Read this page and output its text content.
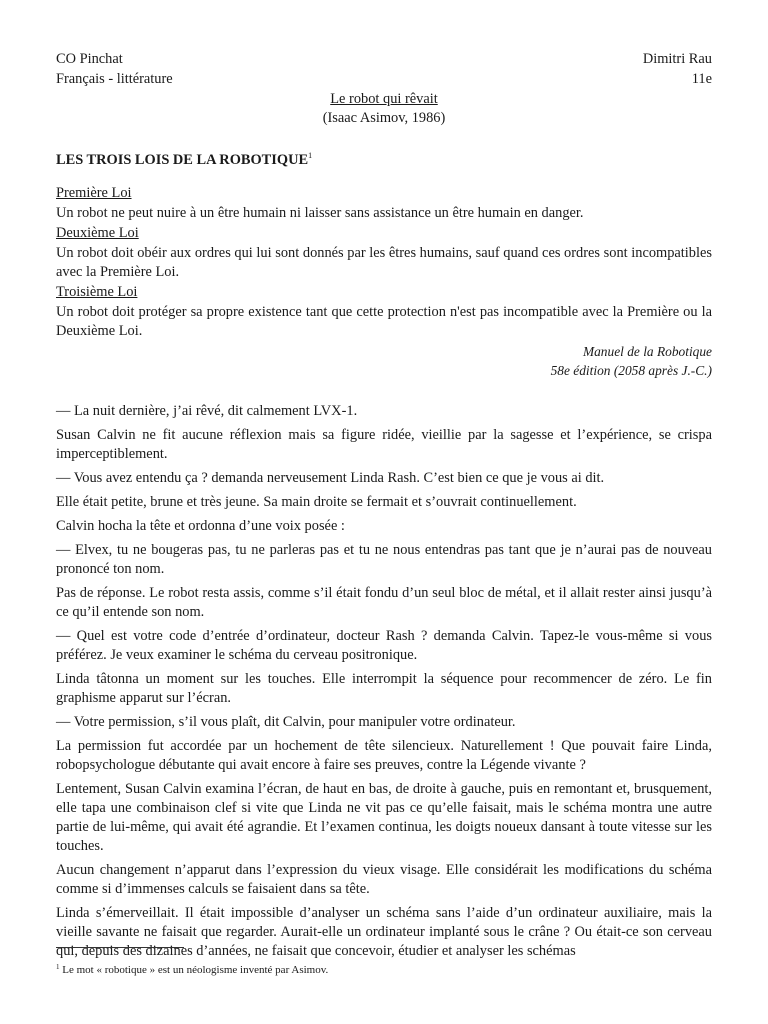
CO Pinchat	Dimitri Rau
Français - littérature	11e
Le robot qui rêvait
(Isaac Asimov, 1986)
LES TROIS LOIS DE LA ROBOTIQUE$^1$
Première Loi
Un robot ne peut nuire à un être humain ni laisser sans assistance un être humain en danger.
Deuxième Loi
Un robot doit obéir aux ordres qui lui sont donnés par les êtres humains, sauf quand ces ordres sont incompatibles avec la Première Loi.
Troisième Loi
Un robot doit protéger sa propre existence tant que cette protection n'est pas incompatible avec la Première ou la Deuxième Loi.
Manuel de la Robotique
58e édition (2058 après J.-C.)

— La nuit dernière, j’ai rêvé, dit calmement LVX-1.

Susan Calvin ne fit aucune réflexion mais sa figure ridée, vieillie par la sagesse et l’expérience, se crispa imperceptiblement.

— Vous avez entendu ça ? demanda nerveusement Linda Rash. C’est bien ce que je vous ai dit.

Elle était petite, brune et très jeune. Sa main droite se fermait et s’ouvrait continuellement.

Calvin hocha la tête et ordonna d’une voix posée :

— Elvex, tu ne bougeras pas, tu ne parleras pas et tu ne nous entendras pas tant que je n’aurai pas de nouveau prononcé ton nom.

Pas de réponse. Le robot resta assis, comme s’il était fondu d’un seul bloc de métal, et il allait rester ainsi jusqu’à ce qu’il entende son nom.

— Quel est votre code d’entrée d’ordinateur, docteur Rash ? demanda Calvin. Tapez-le vous-même si vous préférez. Je veux examiner le schéma du cerveau positronique.

Linda tâtonna un moment sur les touches. Elle interrompit la séquence pour recommencer de zéro. Le fin graphisme apparut sur l’écran.

— Votre permission, s’il vous plaît, dit Calvin, pour manipuler votre ordinateur.

La permission fut accordée par un hochement de tête silencieux. Naturellement ! Que pouvait faire Linda, robopsychologue débutante qui avait encore à faire ses preuves, contre la Légende vivante ?

Lentement, Susan Calvin examina l’écran, de haut en bas, de droite à gauche, puis en remontant et, brusquement, elle tapa une combinaison clef si vite que Linda ne vit pas ce qu’elle faisait, mais le schéma montra une autre partie de lui-même, qui avait été agrandie. Et l’examen continua, les doigts noueux dansant à toute vitesse sur les touches.

Aucun changement n’apparut dans l’expression du vieux visage. Elle considérait les modifications du schéma comme si d’immenses calculs se faisaient dans sa tête.

Linda s’émerveillait. Il était impossible d’analyser un schéma sans l’aide d’un ordinateur auxiliaire, mais la vieille savante ne faisait que regarder. Aurait-elle un ordinateur implanté sous le crâne ? Ou était-ce son cerveau qui, depuis des dizaines d’années, ne faisait que concevoir, étudier et analyser les schémas

$^1$ Le mot « robotique » est un néologisme inventé par Asimov.
